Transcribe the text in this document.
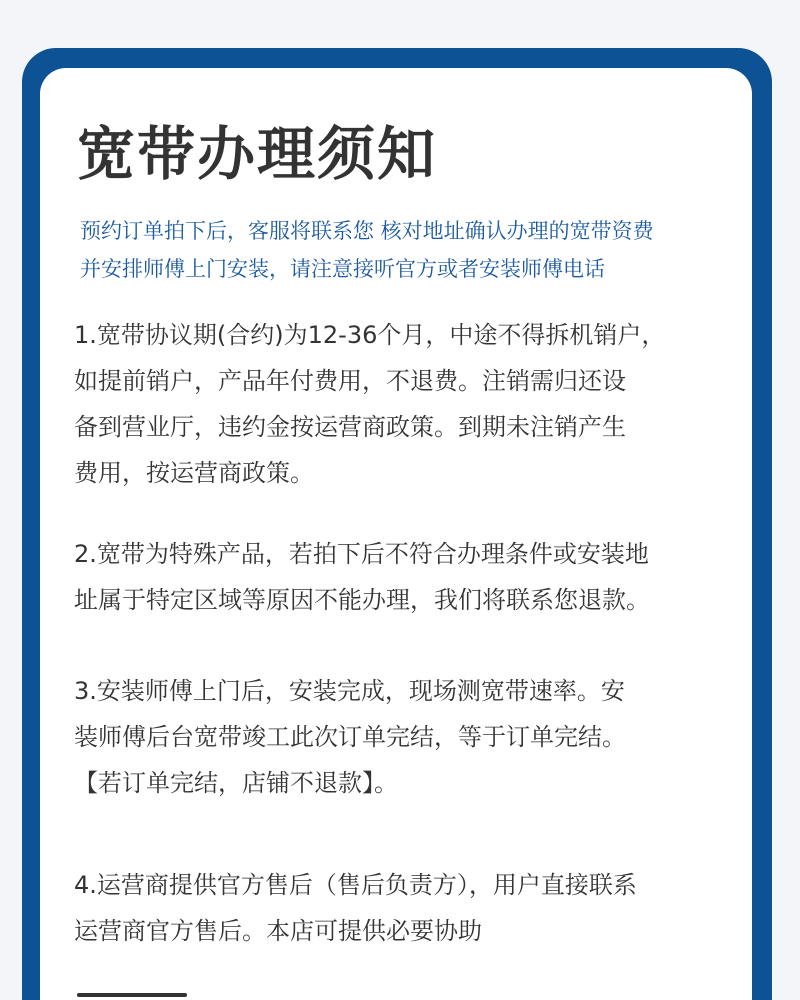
宽带办理须知
预约订单拍下后，客服将联系您 核对地址确认办理的宽带资费
并安排师傅上门安装，请注意接听官方或者安装师傅电话
1.宽带协议期(合约)为12-36个月，中途不得拆机销户，
如提前销户，产品年付费用，不退费。注销需归还设
备到营业厅，违约金按运营商政策。到期未注销产生
费用，按运营商政策。
2.宽带为特殊产品，若拍下后不符合办理条件或安装地
址属于特定区域等原因不能办理，我们将联系您退款。
3.安装师傅上门后，安装完成，现场测宽带速率。安
装师傅后台宽带竣工此次订单完结，等于订单完结。
【若订单完结，店铺不退款】。
4.运营商提供官方售后（售后负责方），用户直接联系
运营商官方售后。本店可提供必要协助
